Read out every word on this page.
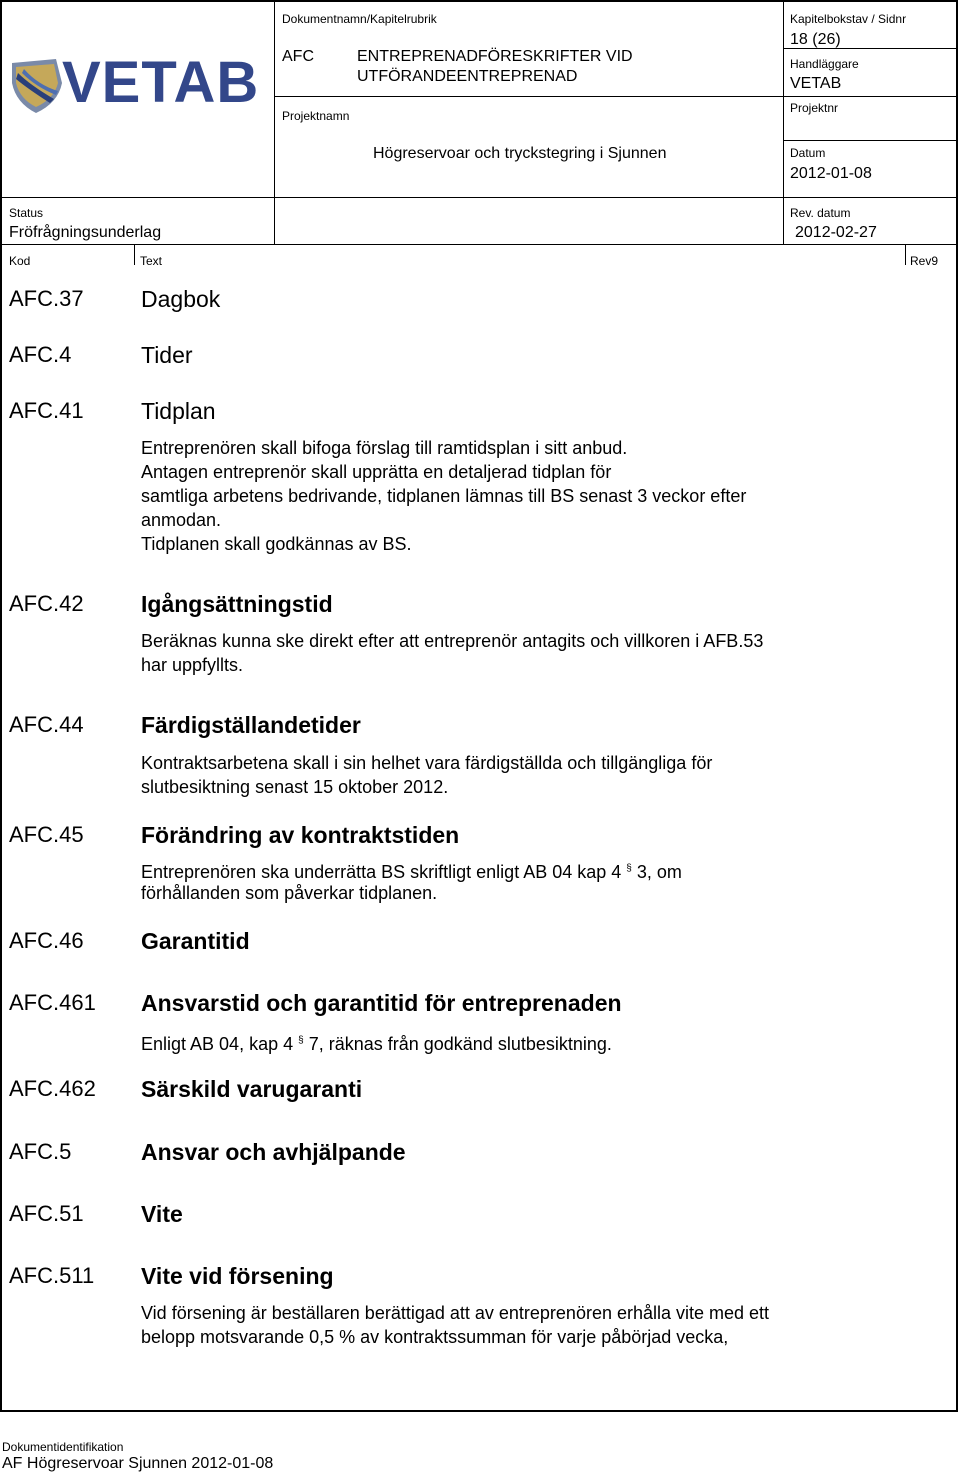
VETAB
Dokumentnamn/Kapitelrubrik
AFC	ENTREPRENADFÖRESKRIFTER VID
UTFÖRANDEENTREPRENAD
Kapitelbokstav / Sidnr
18 (26)
Handläggare
VETAB
Projektnamn
Projektnr
Högreservoar och tryckstegring i Sjunnen	Datum
2012-01-08
Status
Fröfrågningsunderlag
Rev. datum
2012-02-27
Kod	Text	Rev9
AFC.37 Dagbok
AFC.4	Tider
AFC.41 Tidplan
Entreprenören skall bifoga förslag till ramtidsplan i sitt anbud.
Antagen entreprenör skall upprätta en detaljerad tidplan för
samtliga arbetens bedrivande, tidplanen lämnas till BS senast 3 veckor efter
anmodan.
Tidplanen skall godkännas av BS.
AFC.42 Igångsättningstid
Beräknas kunna ske direkt efter att entreprenör antagits och villkoren i AFB.53
har uppfyllts.
AFC.44 Färdigställandetider
Kontraktsarbetena skall i sin helhet vara färdigställda och tillgängliga för
slutbesiktning senast 15 oktober 2012.
AFC.45 Förändring av kontraktstiden
Entreprenören ska underrätta BS skriftligt enligt AB 04 kap 4 § 3, om
förhållanden som påverkar tidplanen.
AFC.46 Garantitid
AFC.461 Ansvarstid och garantitid för entreprenaden
Enligt AB 04, kap 4 § 7, räknas från godkänd slutbesiktning.
AFC.462 Särskild varugaranti
AFC.5	Ansvar och avhjälpande
AFC.51 Vite
AFC.511 Vite vid försening
Vid försening är beställaren berättigad att av entreprenören erhålla vite med ett
belopp motsvarande 0,5 % av kontraktssumman för varje påbörjad vecka,
Dokumentidentifikation
AF Högreservoar Sjunnen 2012-01-08
